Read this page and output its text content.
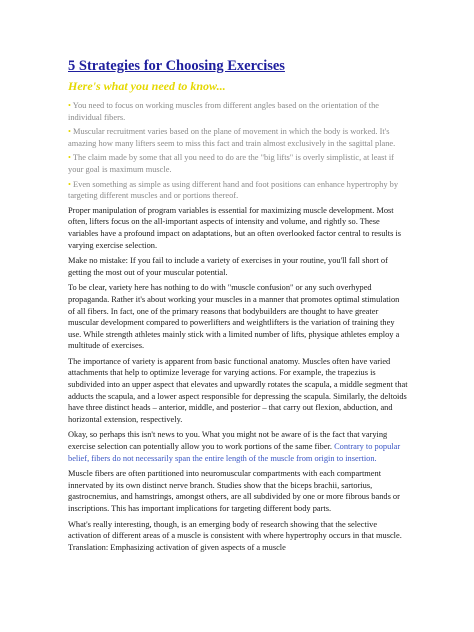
5 Strategies for Choosing Exercises
Here's what you need to know...
• You need to focus on working muscles from different angles based on the orientation of the individual fibers.
• Muscular recruitment varies based on the plane of movement in which the body is worked. It's amazing how many lifters seem to miss this fact and train almost exclusively in the sagittal plane.
• The claim made by some that all you need to do are the "big lifts" is overly simplistic, at least if your goal is maximum muscle.
• Even something as simple as using different hand and foot positions can enhance hypertrophy by targeting different muscles and or portions thereof.

Proper manipulation of program variables is essential for maximizing muscle development. Most often, lifters focus on the all-important aspects of intensity and volume, and rightly so. These variables have a profound impact on adaptations, but an often overlooked factor central to results is varying exercise selection.

Make no mistake: If you fail to include a variety of exercises in your routine, you'll fall short of getting the most out of your muscular potential.

To be clear, variety here has nothing to do with "muscle confusion" or any such overhyped propaganda. Rather it's about working your muscles in a manner that promotes optimal stimulation of all fibers. In fact, one of the primary reasons that bodybuilders are thought to have greater muscular development compared to powerlifters and weightlifters is the variation of training they use. While strength athletes mainly stick with a limited number of lifts, physique athletes employ a multitude of exercises.

The importance of variety is apparent from basic functional anatomy. Muscles often have varied attachments that help to optimize leverage for varying actions. For example, the trapezius is subdivided into an upper aspect that elevates and upwardly rotates the scapula, a middle segment that adducts the scapula, and a lower aspect responsible for depressing the scapula. Similarly, the deltoids have three distinct heads – anterior, middle, and posterior – that carry out flexion, abduction, and horizontal extension, respectively.

Okay, so perhaps this isn't news to you. What you might not be aware of is the fact that varying exercise selection can potentially allow you to work portions of the same fiber. Contrary to popular belief, fibers do not necessarily span the entire length of the muscle from origin to insertion.

Muscle fibers are often partitioned into neuromuscular compartments with each compartment innervated by its own distinct nerve branch. Studies show that the biceps brachii, sartorius, gastrocnemius, and hamstrings, amongst others, are all subdivided by one or more fibrous bands or inscriptions. This has important implications for targeting different body parts.

What's really interesting, though, is an emerging body of research showing that the selective activation of different areas of a muscle is consistent with where hypertrophy occurs in that muscle. Translation: Emphasizing activation of given aspects of a muscle
